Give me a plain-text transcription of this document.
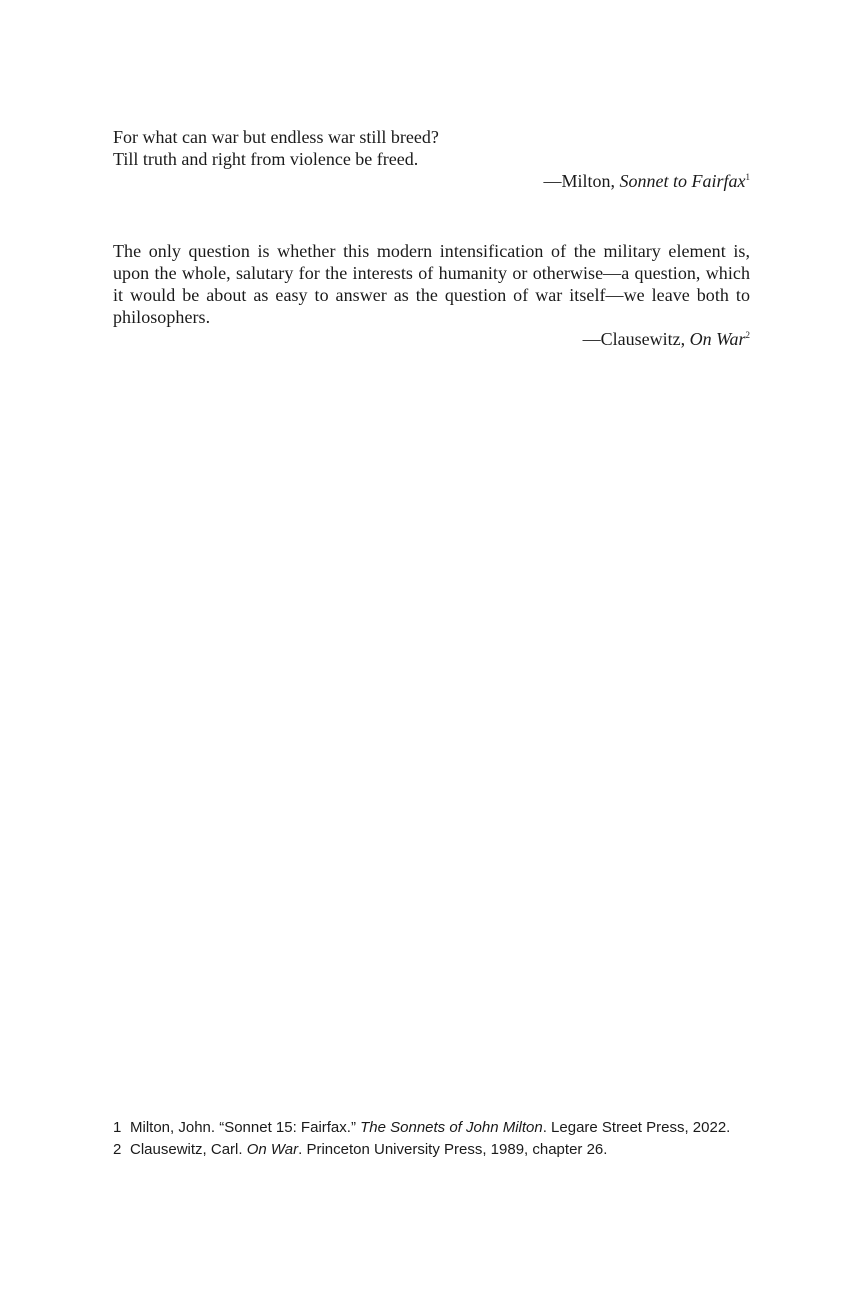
For what can war but endless war still breed?
Till truth and right from violence be freed.
—Milton, Sonnet to Fairfax$^1$

The only question is whether this modern intensification of the military element is, upon the whole, salutary for the interests of humanity or otherwise—a question, which it would be about as easy to answer as the question of war itself—we leave both to philosophers.

—Clausewitz, On War$^2$
1 Milton, John. “Sonnet 15: Fairfax.” The Sonnets of John Milton. Legare Street Press, 2022.
2 Clausewitz, Carl. On War. Princeton University Press, 1989, chapter 26.
